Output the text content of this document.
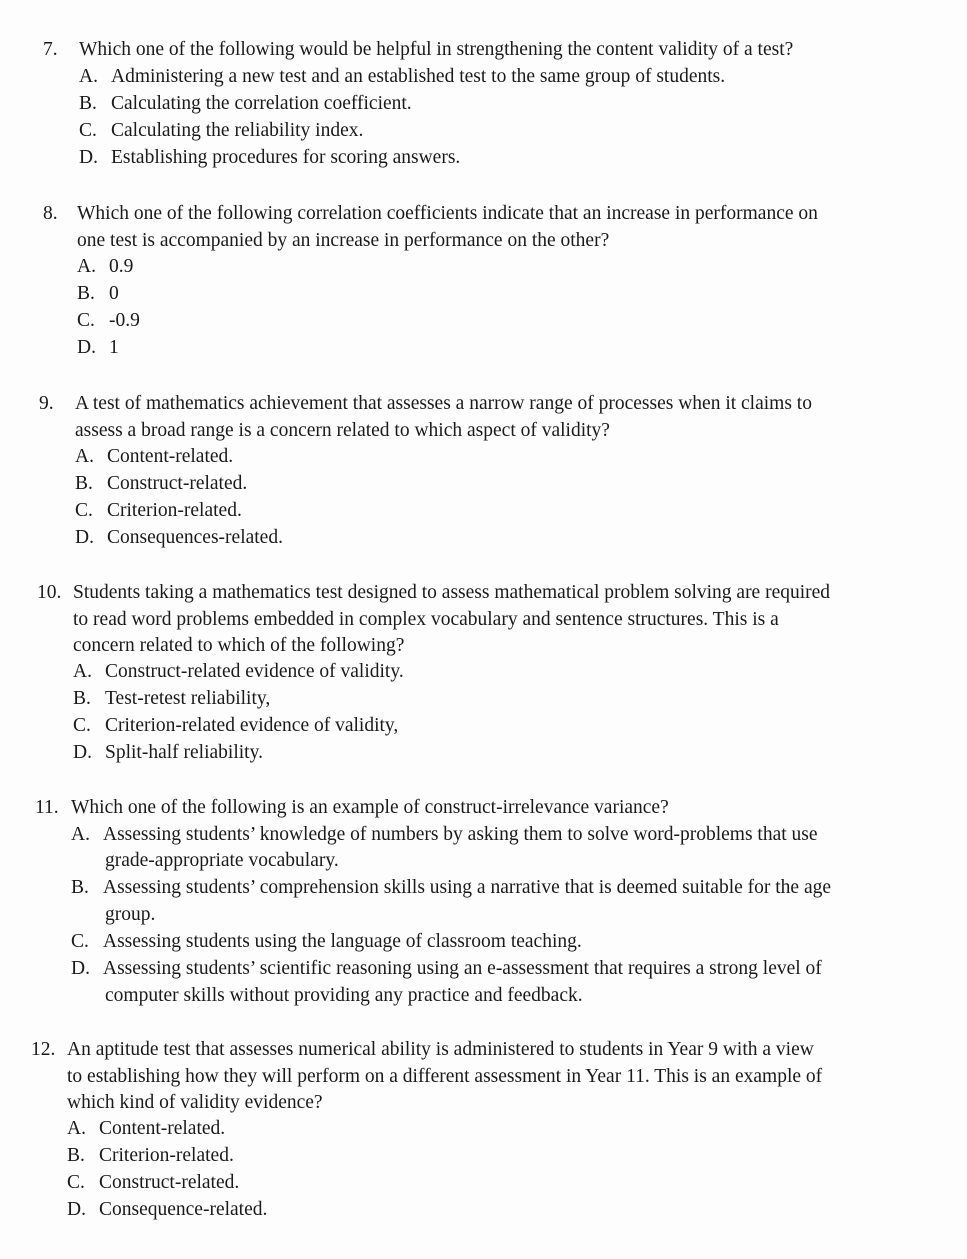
7. Which one of the following would be helpful in strengthening the content validity of a test?
A. Administering a new test and an established test to the same group of students.
B. Calculating the correlation coefficient.
C. Calculating the reliability index.
D. Establishing procedures for scoring answers.
8. Which one of the following correlation coefficients indicate that an increase in performance on
one test is accompanied by an increase in performance on the other?
A. 0.9
B. 0
C. -0.9
D. 1
9. A test of mathematics achievement that assesses a narrow range of processes when it claims to
assess a broad range is a concern related to which aspect of validity?
A. Content-related.
B. Construct-related.
C. Criterion-related.
D. Consequences-related.
10. Students taking a mathematics test designed to assess mathematical problem solving are required
to read word problems embedded in complex vocabulary and sentence structures. This is a
concern related to which of the following?
A. Construct-related evidence of validity.
B. Test-retest reliability,
C. Criterion-related evidence of validity,
D. Split-half reliability.
11. Which one of the following is an example of construct-irrelevance variance?
A. Assessing students’ knowledge of numbers by asking them to solve word-problems that use
grade-appropriate vocabulary.
B. Assessing students’ comprehension skills using a narrative that is deemed suitable for the age
group.
C. Assessing students using the language of classroom teaching.
D. Assessing students’ scientific reasoning using an e-assessment that requires a strong level of
computer skills without providing any practice and feedback.
12. An aptitude test that assesses numerical ability is administered to students in Year 9 with a view
to establishing how they will perform on a different assessment in Year 11. This is an example of
which kind of validity evidence?
A. Content-related.
B. Criterion-related.
C. Construct-related.
D. Consequence-related.
